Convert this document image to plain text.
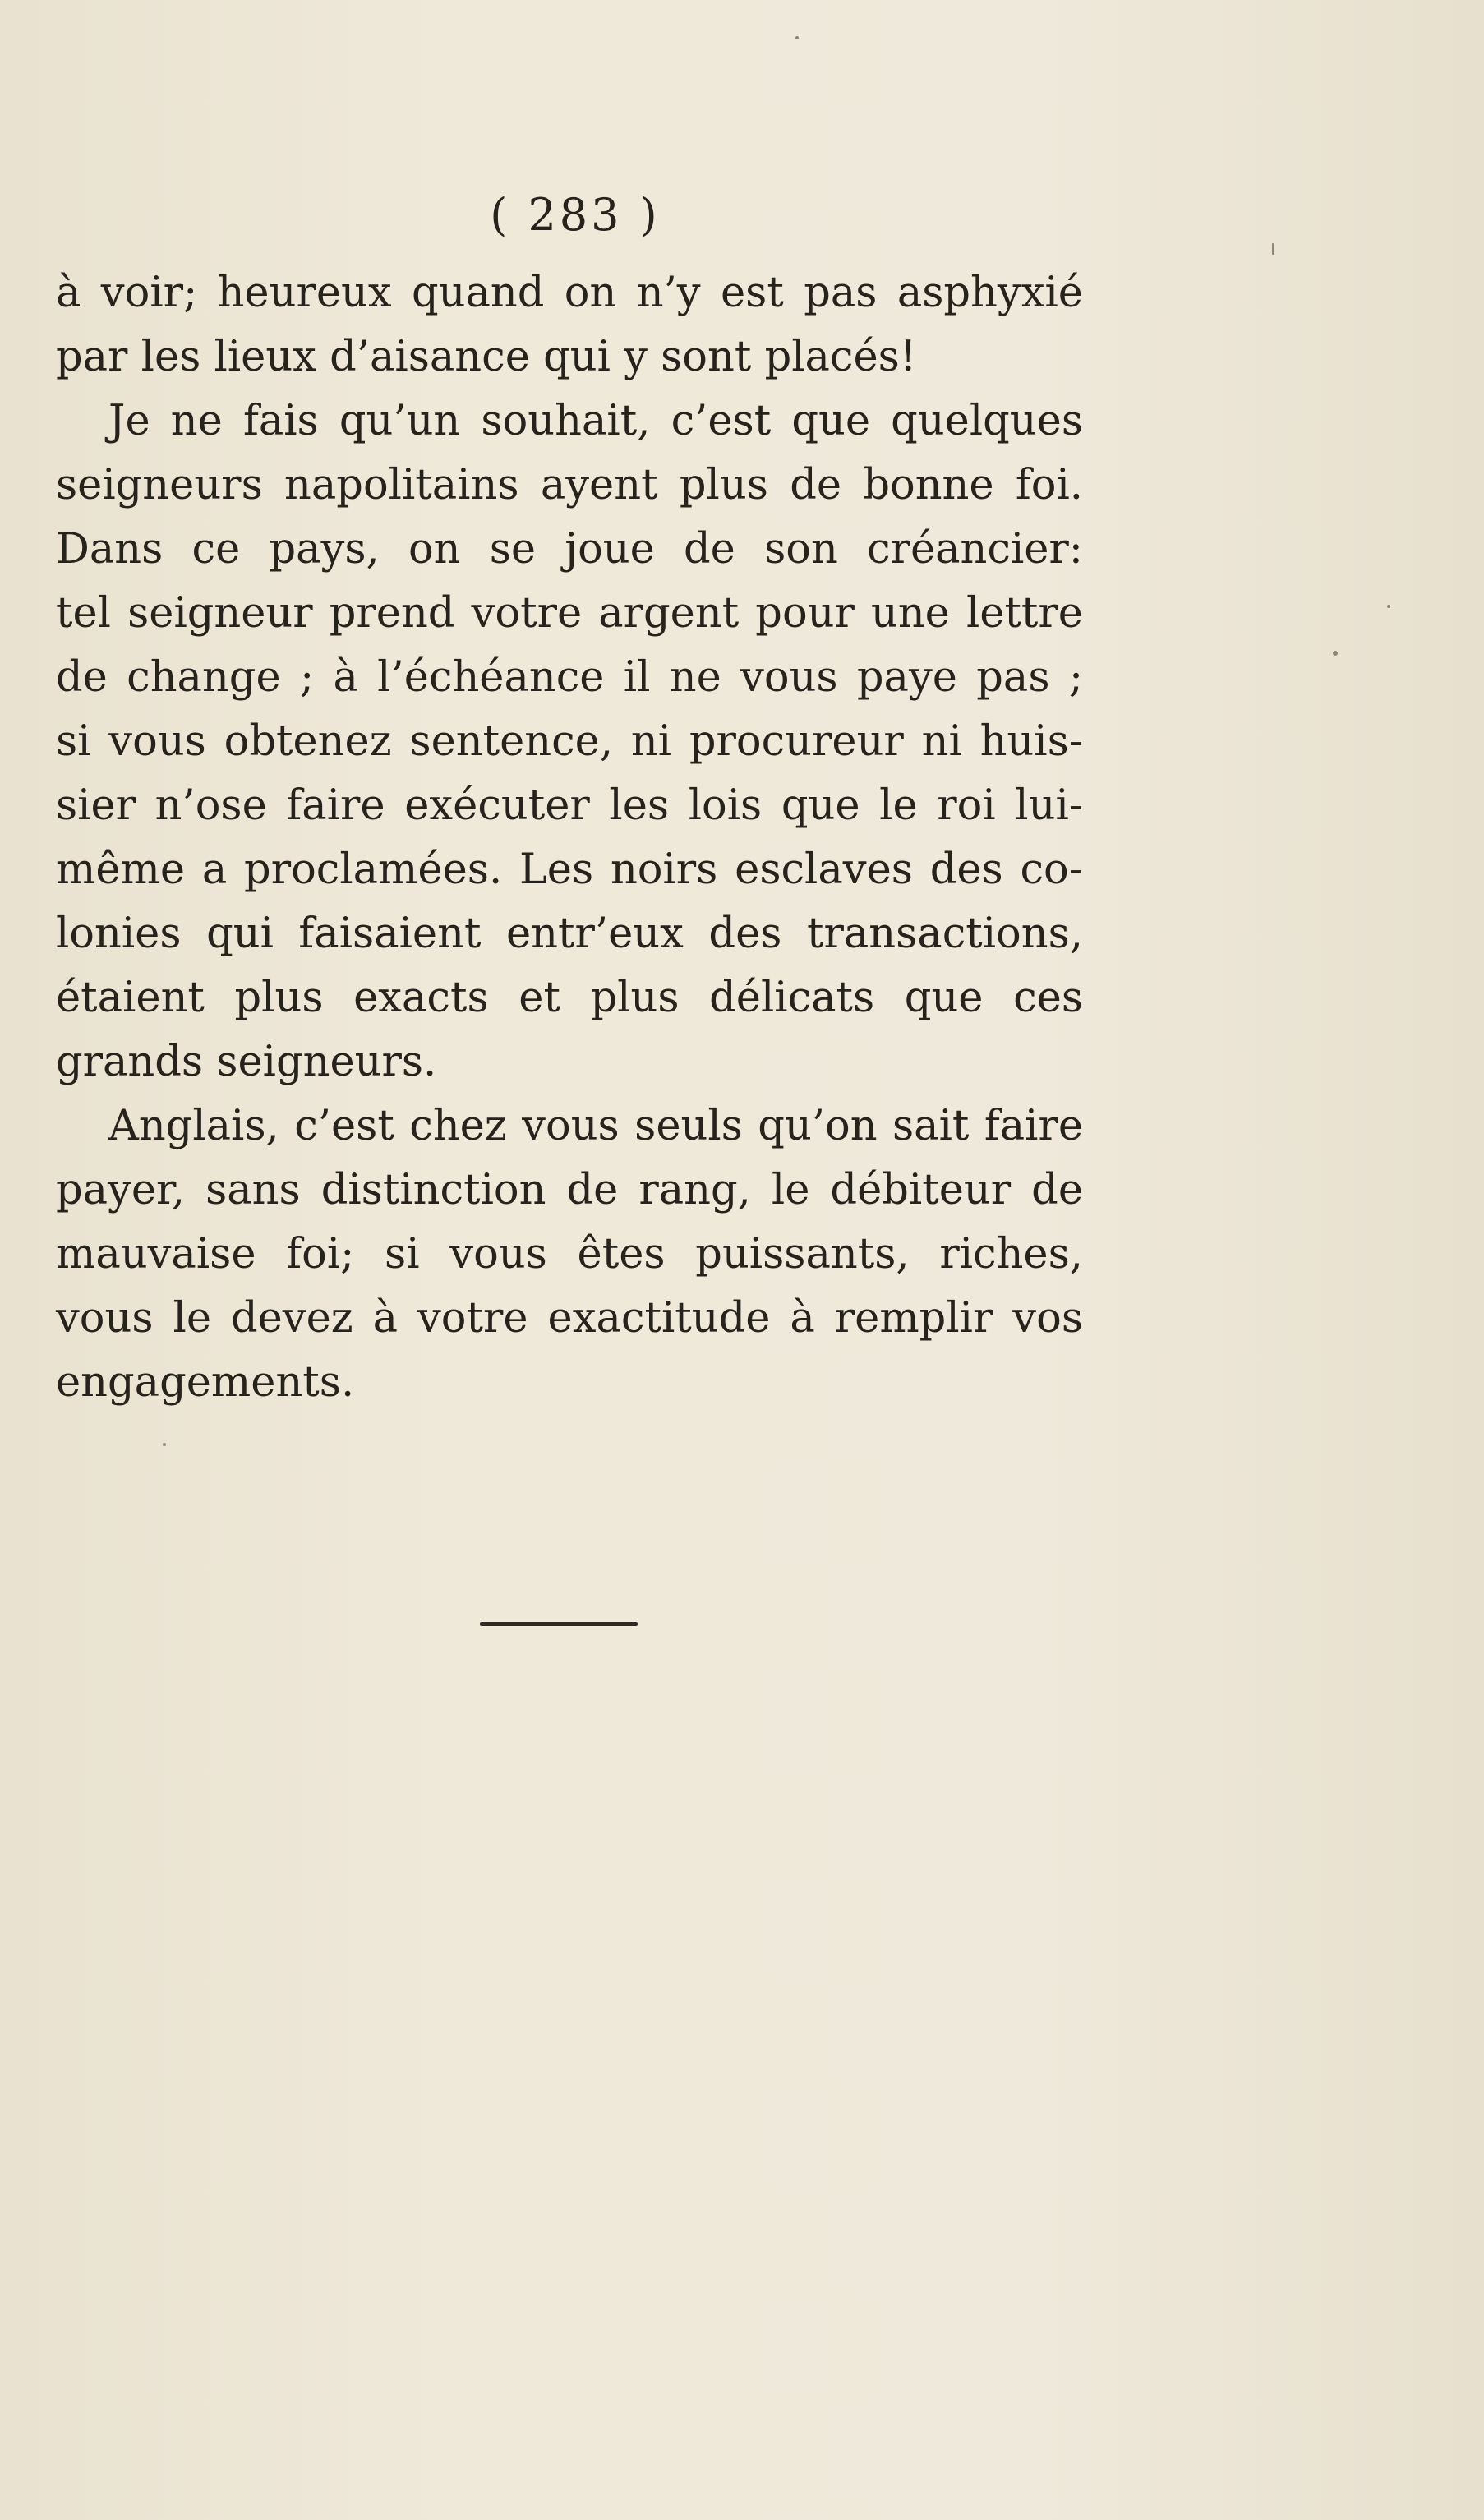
( 283 )
à voir; heureux quand on n’y est pas asphyxié
par les lieux d’aisance qui y sont placés!
Je ne fais qu’un souhait, c’est que quelques
seigneurs napolitains ayent plus de bonne foi.
Dans ce pays, on se joue de son créancier:
tel seigneur prend votre argent pour une lettre
de change ; à l’échéance il ne vous paye pas ;
si vous obtenez sentence, ni procureur ni huis-
sier n’ose faire exécuter les lois que le roi lui-
même a proclamées. Les noirs esclaves des co-
lonies qui faisaient entr’eux des transactions,
étaient plus exacts et plus délicats que ces
grands seigneurs.
Anglais, c’est chez vous seuls qu’on sait faire
payer, sans distinction de rang, le débiteur de
mauvaise foi; si vous êtes puissants, riches,
vous le devez à votre exactitude à remplir vos
engagements.
